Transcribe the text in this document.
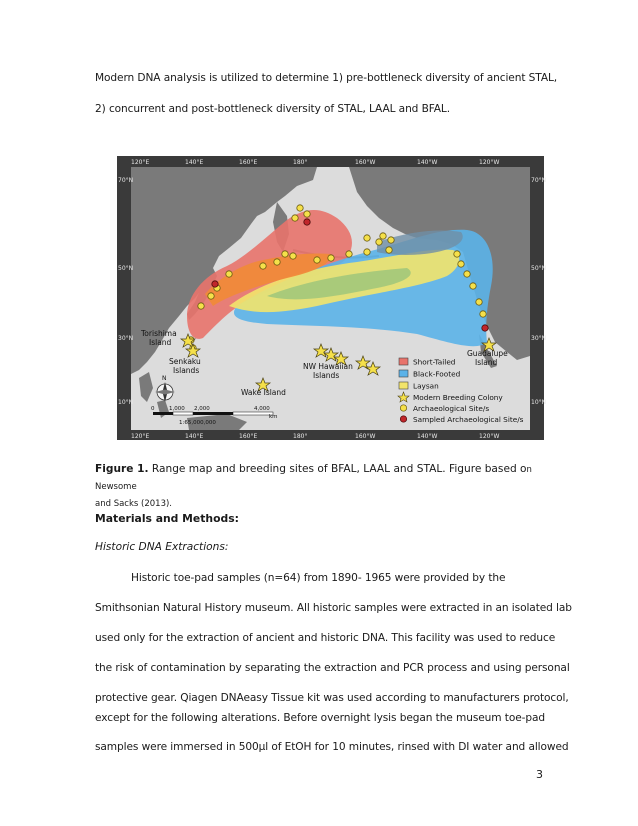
Modern DNA analysis is utilized to determine 1) pre-bottleneck diversity of ancient STAL,
2) concurrent and post-bottleneck diversity of STAL, LAAL and BFAL.
Torishima Island
Senkaku Islands
Wake Island
NW Hawaiian Islands
Guadalupe Island
Short-Tailed
Black-Footed
Laysan
Modern Breeding Colony
Archaeological Site/s
Sampled Archaeological Site/s
N
0	1,000 2,000	4,000
km
1:65,000,000
120°E	140°E	160°E	180°	160°W	140°W	120°W
120°E	140°E	160°E	180°	160°W	140°W	120°W
70°N
50°N
30°N
10°N
70°N
50°N
30°N
10°N
Figure 1. Range map and breeding sites of BFAL, LAAL and STAL. Figure based on Newsome
and Sacks (2013).
Materials and Methods:
Historic DNA Extractions:
Historic toe-pad samples (n=64) from 1890- 1965 were provided by the
Smithsonian Natural History museum. All historic samples were extracted in an isolated lab
used only for the extraction of ancient and historic DNA. This facility was used to reduce
the risk of contamination by separating the extraction and PCR process and using personal
protective gear. Qiagen DNAeasy Tissue kit was used according to manufacturers protocol,
except for the following alterations. Before overnight lysis began the museum toe-pad
samples were immersed in 500µl of EtOH for 10 minutes, rinsed with DI water and allowed
3
